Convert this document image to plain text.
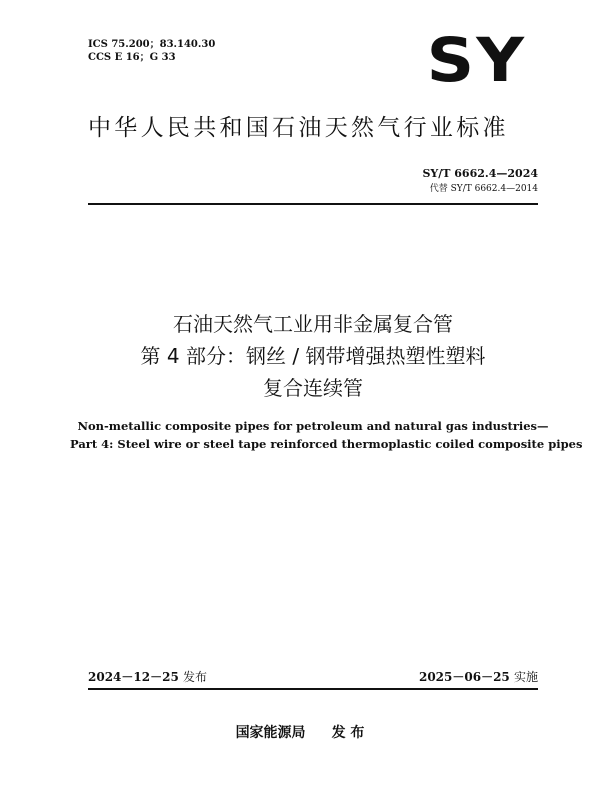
ICS 75.200；83.140.30
CCS E 16；G 33	SY
中华人民共和国石油天然气行业标准
SY/T 6662.4—2024
代替 SY/T 6662.4—2014
石油天然气工业用非金属复合管
第 4 部分：钢丝 / 钢带增强热塑性塑料
复合连续管
Non-metallic composite pipes for petroleum and natural gas industries—
Part 4: Steel wire or steel tape reinforced thermoplastic coiled composite pipes
2024－12－25 发布	2025－06－25 实施
国家能源局 发 布
